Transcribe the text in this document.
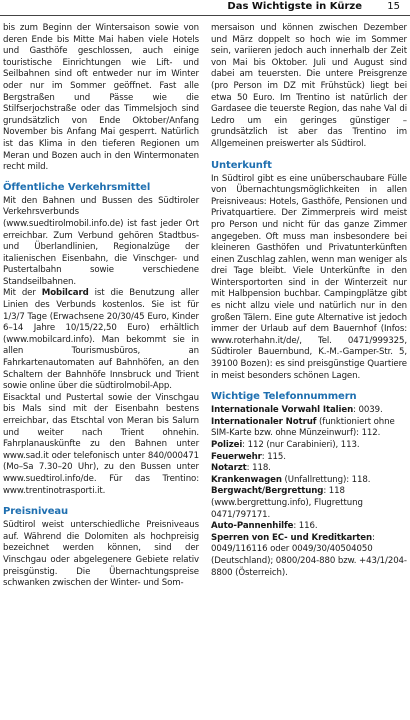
Das Wichtigste in Kürze	15

bis zum Beginn der Wintersaison sowie von deren Ende bis Mitte Mai haben viele Hotels und Gasthöfe geschlossen, auch einige touristische Einrichtungen wie Lift- und Seilbahnen sind oft entweder nur im Winter oder nur im Sommer geöffnet. Fast alle Bergstraßen und Pässe wie die Stilfserjochstraße oder das Timmelsjoch sind grundsätzlich von Ende Oktober/Anfang November bis Anfang Mai gesperrt. Natürlich ist das Klima in den tieferen Regionen um Meran und Bozen auch in den Wintermonaten recht mild.

Öffentliche Verkehrsmittel

Mit den Bahnen und Bussen des Südtiroler Verkehrsverbunds (www.suedtirolmobil.info.de) ist fast jeder Ort erreichbar. Zum Verbund gehören Stadtbus- und Überlandlinien, Regionalzüge der italienischen Eisenbahn, die Vinschger- und Pustertalbahn sowie verschiedene Standseilbahnen.

Mit der Mobilcard ist die Benutzung aller Linien des Verbunds kostenlos. Sie ist für 1/3/7 Tage (Erwachsene 20/30/45 Euro, Kinder 6–14 Jahre 10/15/22,50 Euro) erhältlich (www.mobilcard.info). Man bekommt sie in allen Tourismusbüros, an Fahrkartenautomaten auf Bahnhöfen, an den Schaltern der Bahnhöfe Innsbruck und Trient sowie online über die südtirolmobil-App.

Eisacktal und Pustertal sowie der Vinschgau bis Mals sind mit der Eisenbahn bestens erreichbar, das Etschtal von Meran bis Salurn und weiter nach Trient ohnehin. Fahrplanauskünfte zu den Bahnen unter www.sad.it oder telefonisch unter 840/000471 (Mo–Sa 7.30–20 Uhr), zu den Bussen unter www.suedtirol.info/de. Für das Trentino: www.trentinotrasporti.it.

Preisniveau

Südtirol weist unterschiedliche Preisniveaus auf. Während die Dolomiten als hochpreisig bezeichnet werden können, sind der Vinschgau oder abgelegenere Gebiete relativ preisgünstig. Die Übernachtungspreise schwanken zwischen der Winter- und Som-

mersaison und können zwischen Dezember und März doppelt so hoch wie im Sommer sein, variieren jedoch auch innerhalb der Zeit von Mai bis Oktober. Juli und August sind dabei am teuersten. Die untere Preisgrenze (pro Person im DZ mit Frühstück) liegt bei etwa 50 Euro. Im Trentino ist natürlich der Gardasee die teuerste Region, das nahe Val di Ledro um ein geringes günstiger – grundsätzlich ist aber das Trentino im Allgemeinen preiswerter als Südtirol.

Unterkunft

In Südtirol gibt es eine unüberschaubare Fülle von Übernachtungsmöglichkeiten in allen Preisniveaus: Hotels, Gasthöfe, Pensionen und Privatquartiere. Der Zimmerpreis wird meist pro Person und nicht für das ganze Zimmer angegeben. Oft muss man insbesondere bei kleineren Gasthöfen und Privatunterkünften einen Zuschlag zahlen, wenn man weniger als drei Tage bleibt. Viele Unterkünfte in den Wintersportorten sind in der Winterzeit nur mit Halbpension buchbar. Campingplätze gibt es nicht allzu viele und natürlich nur in den großen Tälern. Eine gute Alternative ist jedoch immer der Urlaub auf dem Bauernhof (Infos: www.roterhahn.it/de/, Tel. 0471/999325, Südtiroler Bauernbund, K.-M.-Gamper-Str. 5, 39100 Bozen): es sind preisgünstige Quartiere in meist besonders schönen Lagen.

Wichtige Telefonnummern

Internationale Vorwahl Italien: 0039.

Internationaler Notruf (funktioniert ohne SIM-Karte bzw. ohne Münzeinwurf): 112.

Polizei: 112 (nur Carabinieri), 113.

Feuerwehr: 115.

Notarzt: 118.

Krankenwagen (Unfallrettung): 118.

Bergwacht/Bergrettung: 118 (www.bergrettung.info), Flugrettung 0471/797171.

Auto-Pannenhilfe: 116.

Sperren von EC- und Kreditkarten: 0049/116116 oder 0049/30/40504050 (Deutschland); 0800/204-880 bzw. +43/1/204-8800 (Österreich).
